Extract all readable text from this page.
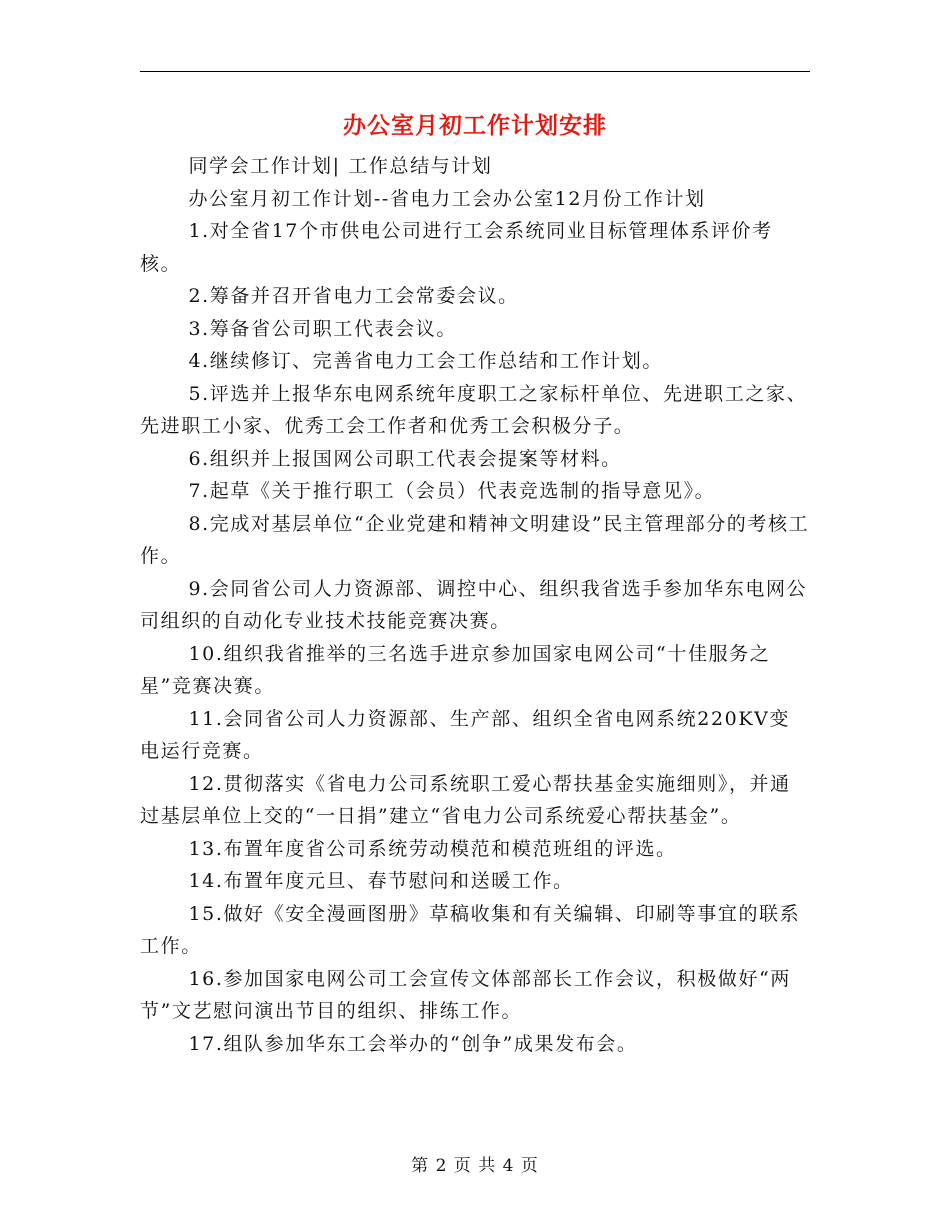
办公室月初工作计划安排

同学会工作计划| 工作总结与计划

办公室月初工作计划--省电力工会办公室12月份工作计划

1.对全省17个市供电公司进行工会系统同业目标管理体系评价考核。

2.筹备并召开省电力工会常委会议。

3.筹备省公司职工代表会议。

4.继续修订、完善省电力工会工作总结和工作计划。

5.评选并上报华东电网系统年度职工之家标杆单位、先进职工之家、先进职工小家、优秀工会工作者和优秀工会积极分子。

6.组织并上报国网公司职工代表会提案等材料。

7.起草《关于推行职工（会员）代表竞选制的指导意见》。

8.完成对基层单位“企业党建和精神文明建设”民主管理部分的考核工作。

9.会同省公司人力资源部、调控中心、组织我省选手参加华东电网公司组织的自动化专业技术技能竞赛决赛。

10.组织我省推举的三名选手进京参加国家电网公司“十佳服务之星”竞赛决赛。

11.会同省公司人力资源部、生产部、组织全省电网系统220KV变电运行竞赛。

12.贯彻落实《省电力公司系统职工爱心帮扶基金实施细则》，并通过基层单位上交的“一日捐”建立“省电力公司系统爱心帮扶基金”。

13.布置年度省公司系统劳动模范和模范班组的评选。

14.布置年度元旦、春节慰问和送暖工作。

15.做好《安全漫画图册》草稿收集和有关编辑、印刷等事宜的联系工作。

16.参加国家电网公司工会宣传文体部部长工作会议，积极做好“两节”文艺慰问演出节目的组织、排练工作。

17.组队参加华东工会举办的“创争”成果发布会。

第 2 页 共 4 页
